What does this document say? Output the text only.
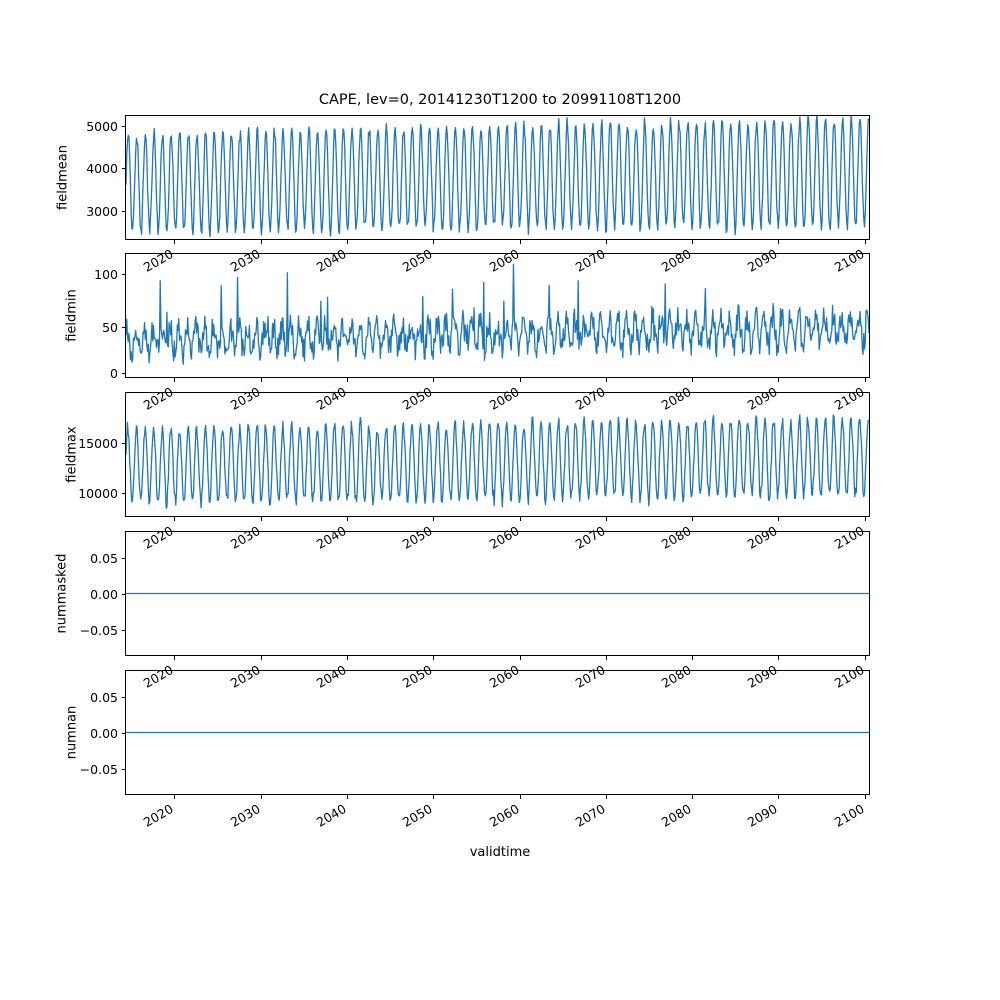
CAPE, lev=0, 20141230T1200 to 20991108T1200
fieldmean
5000
4000
3000
fieldmin
100
50
0
fieldmax
15000
10000
nummasked	0.05
0.00
−0.05
numnan
0.05
0.00
−0.05
2020
2020
2020
2020
2020
2030
2030
2030
2030
2030
2040
2040
2040
2040
2040
2050
2050
2050
2050
2050
2060
2060
2060
2060
2060
2070
2070
2070
2070
2070
2080
2080
2080
2080
2080
2090
2090
2090
2090
2090
2100
2100
2100
2100
2100
validtime
